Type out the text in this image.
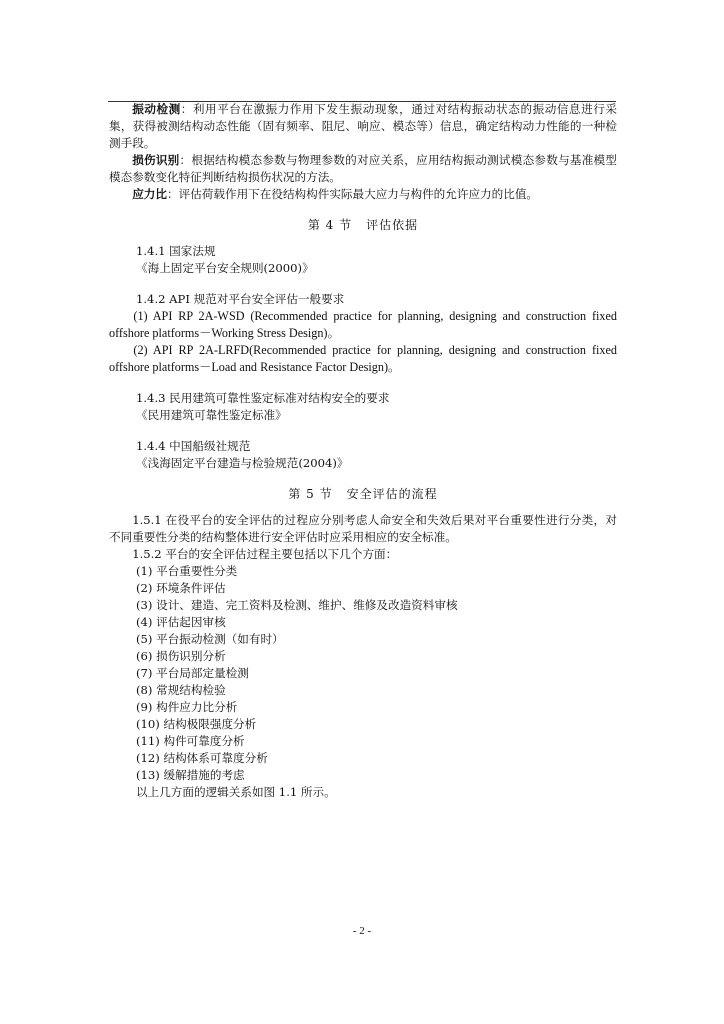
振动检测：利用平台在激振力作用下发生振动现象，通过对结构振动状态的振动信息进行采集，获得被测结构动态性能（固有频率、阻尼、响应、模态等）信息，确定结构动力性能的一种检测手段。

损伤识别：根据结构模态参数与物理参数的对应关系，应用结构振动测试模态参数与基准模型模态参数变化特征判断结构损伤状况的方法。

应力比：评估荷载作用下在役结构构件实际最大应力与构件的允许应力的比值。

第 4 节 评估依据

1.4.1 国家法规

《海上固定平台安全规则(2000)》

1.4.2 API 规范对平台安全评估一般要求

(1) API RP 2A-WSD (Recommended practice for planning, designing and construction fixed offshore platforms－Working Stress Design)。

(2) API RP 2A-LRFD(Recommended practice for planning, designing and construction fixed offshore platforms－Load and Resistance Factor Design)。

1.4.3 民用建筑可靠性鉴定标准对结构安全的要求

《民用建筑可靠性鉴定标准》

1.4.4 中国船级社规范

《浅海固定平台建造与检验规范(2004)》

第 5 节 安全评估的流程

1.5.1 在役平台的安全评估的过程应分别考虑人命安全和失效后果对平台重要性进行分类，对不同重要性分类的结构整体进行安全评估时应采用相应的安全标准。

1.5.2 平台的安全评估过程主要包括以下几个方面：

(1) 平台重要性分类

(2) 环境条件评估

(3) 设计、建造、完工资料及检测、维护、维修及改造资料审核

(4) 评估起因审核

(5) 平台振动检测（如有时）

(6) 损伤识别分析

(7) 平台局部定量检测

(8) 常规结构检验

(9) 构件应力比分析

(10) 结构极限强度分析

(11) 构件可靠度分析

(12) 结构体系可靠度分析

(13) 缓解措施的考虑

以上几方面的逻辑关系如图 1.1 所示。

- 2 -
